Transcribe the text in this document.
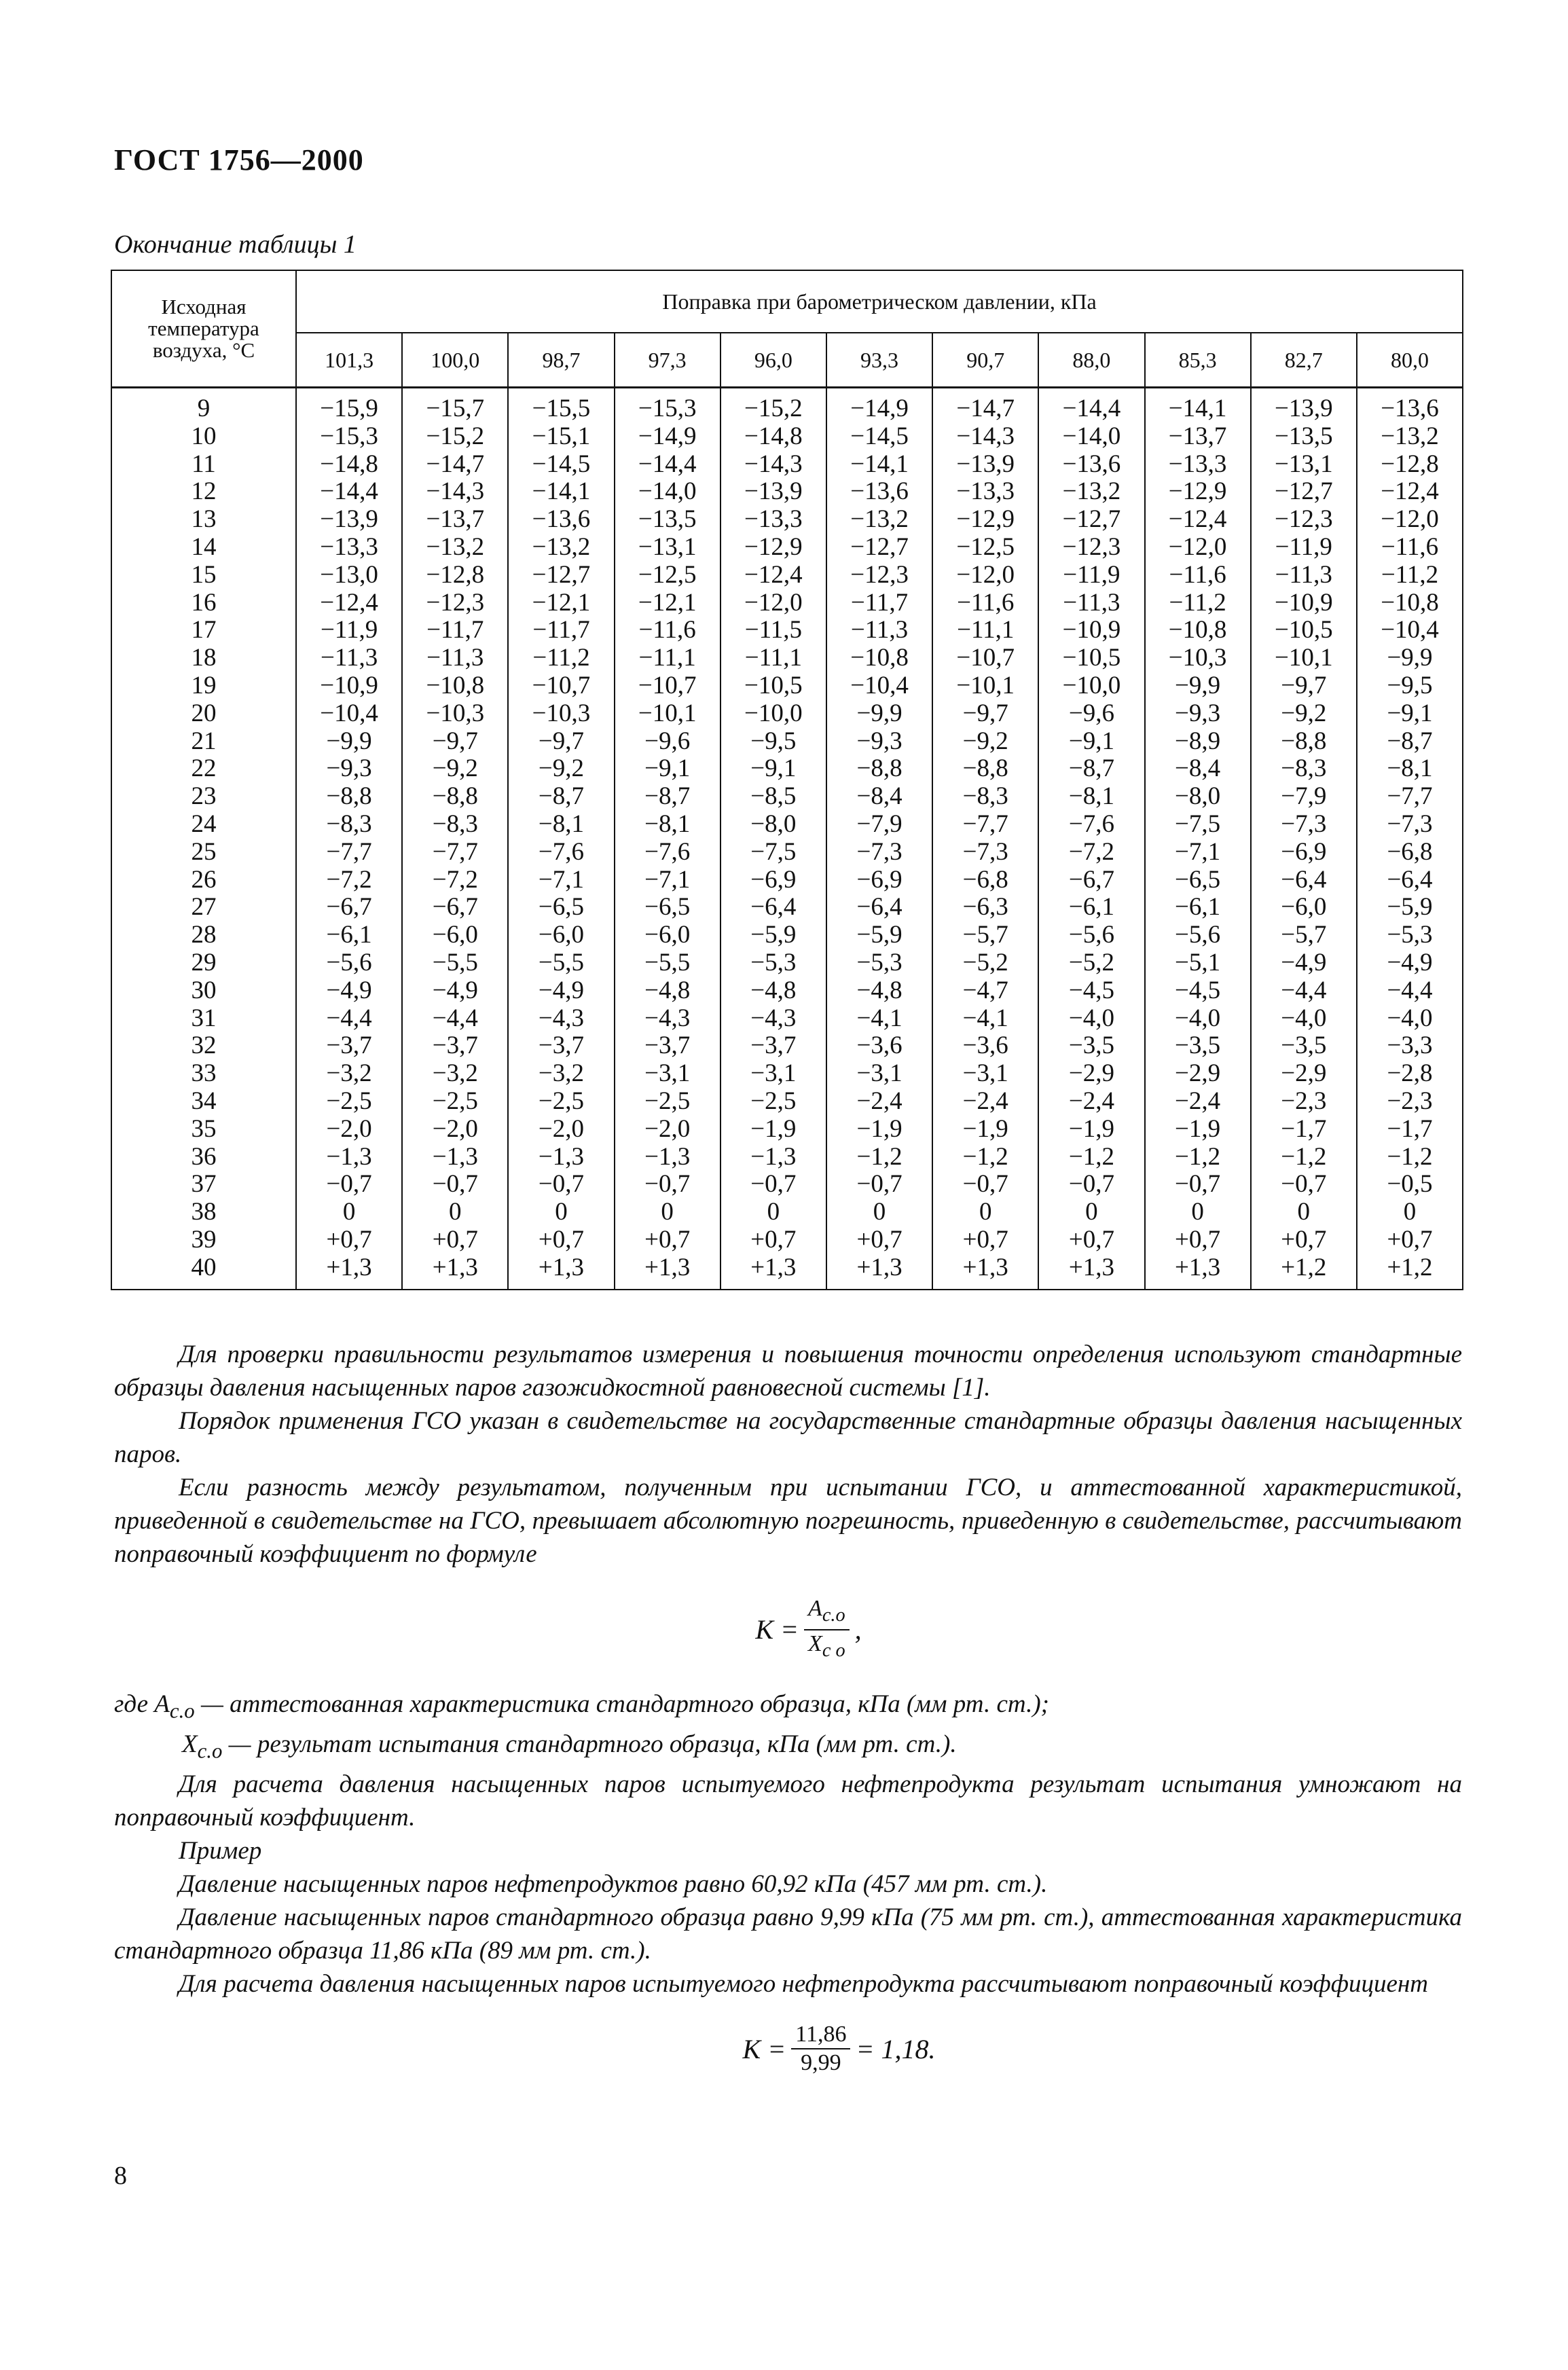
ГОСТ 1756—2000
Окончание таблицы 1
Исходная температура воздуха, °С	Поправка при барометрическом давлении, кПа										
	101,3	100,0	98,7	97,3	96,0	93,3	90,7	88,0	85,3	82,7	80,0
9	−15,9	−15,7	−15,5	−15,3	−15,2	−14,9	−14,7	−14,4	−14,1	−13,9	−13,6
10	−15,3	−15,2	−15,1	−14,9	−14,8	−14,5	−14,3	−14,0	−13,7	−13,5	−13,2
11	−14,8	−14,7	−14,5	−14,4	−14,3	−14,1	−13,9	−13,6	−13,3	−13,1	−12,8
12	−14,4	−14,3	−14,1	−14,0	−13,9	−13,6	−13,3	−13,2	−12,9	−12,7	−12,4
13	−13,9	−13,7	−13,6	−13,5	−13,3	−13,2	−12,9	−12,7	−12,4	−12,3	−12,0
14	−13,3	−13,2	−13,2	−13,1	−12,9	−12,7	−12,5	−12,3	−12,0	−11,9	−11,6
15	−13,0	−12,8	−12,7	−12,5	−12,4	−12,3	−12,0	−11,9	−11,6	−11,3	−11,2
16	−12,4	−12,3	−12,1	−12,1	−12,0	−11,7	−11,6	−11,3	−11,2	−10,9	−10,8
17	−11,9	−11,7	−11,7	−11,6	−11,5	−11,3	−11,1	−10,9	−10,8	−10,5	−10,4
18	−11,3	−11,3	−11,2	−11,1	−11,1	−10,8	−10,7	−10,5	−10,3	−10,1	−9,9
19	−10,9	−10,8	−10,7	−10,7	−10,5	−10,4	−10,1	−10,0	−9,9	−9,7	−9,5
20	−10,4	−10,3	−10,3	−10,1	−10,0	−9,9	−9,7	−9,6	−9,3	−9,2	−9,1
21	−9,9	−9,7	−9,7	−9,6	−9,5	−9,3	−9,2	−9,1	−8,9	−8,8	−8,7
22	−9,3	−9,2	−9,2	−9,1	−9,1	−8,8	−8,8	−8,7	−8,4	−8,3	−8,1
23	−8,8	−8,8	−8,7	−8,7	−8,5	−8,4	−8,3	−8,1	−8,0	−7,9	−7,7
24	−8,3	−8,3	−8,1	−8,1	−8,0	−7,9	−7,7	−7,6	−7,5	−7,3	−7,3
25	−7,7	−7,7	−7,6	−7,6	−7,5	−7,3	−7,3	−7,2	−7,1	−6,9	−6,8
26	−7,2	−7,2	−7,1	−7,1	−6,9	−6,9	−6,8	−6,7	−6,5	−6,4	−6,4
27	−6,7	−6,7	−6,5	−6,5	−6,4	−6,4	−6,3	−6,1	−6,1	−6,0	−5,9
28	−6,1	−6,0	−6,0	−6,0	−5,9	−5,9	−5,7	−5,6	−5,6	−5,7	−5,3
29	−5,6	−5,5	−5,5	−5,5	−5,3	−5,3	−5,2	−5,2	−5,1	−4,9	−4,9
30	−4,9	−4,9	−4,9	−4,8	−4,8	−4,8	−4,7	−4,5	−4,5	−4,4	−4,4
31	−4,4	−4,4	−4,3	−4,3	−4,3	−4,1	−4,1	−4,0	−4,0	−4,0	−4,0
32	−3,7	−3,7	−3,7	−3,7	−3,7	−3,6	−3,6	−3,5	−3,5	−3,5	−3,3
33	−3,2	−3,2	−3,2	−3,1	−3,1	−3,1	−3,1	−2,9	−2,9	−2,9	−2,8
34	−2,5	−2,5	−2,5	−2,5	−2,5	−2,4	−2,4	−2,4	−2,4	−2,3	−2,3
35	−2,0	−2,0	−2,0	−2,0	−1,9	−1,9	−1,9	−1,9	−1,9	−1,7	−1,7
36	−1,3	−1,3	−1,3	−1,3	−1,3	−1,2	−1,2	−1,2	−1,2	−1,2	−1,2
37	−0,7	−0,7	−0,7	−0,7	−0,7	−0,7	−0,7	−0,7	−0,7	−0,7	−0,5
38	0	0	0	0	0	0	0	0	0	0	0
39	+0,7	+0,7	+0,7	+0,7	+0,7	+0,7	+0,7	+0,7	+0,7	+0,7	+0,7
40	+1,3	+1,3	+1,3	+1,3	+1,3	+1,3	+1,3	+1,3	+1,3	+1,2	+1,2

Для проверки правильности результатов измерения и повышения точности определения используют стандартные образцы давления насыщенных паров газожидкостной равновесной системы [1].

Порядок применения ГСО указан в свидетельстве на государственные стандартные образцы давления насыщенных паров.

Если разность между результатом, полученным при испытании ГСО, и аттестованной характеристикой, приведенной в свидетельстве на ГСО, превышает абсолютную погрешность, приведенную в свидетельстве, рассчитывают поправочный коэффициент по формуле

$K = \frac{A_{с.о}}{X_{с о}}$ ,

где $A_{с.о}$ — аттестованная характеристика стандартного образца, кПа (мм рт. ст.);

$X_{с.о}$ — результат испытания стандартного образца, кПа (мм рт. ст.).

Для расчета давления насыщенных паров испытуемого нефтепродукта результат испытания умножают на поправочный коэффициент.

Пример

Давление насыщенных паров нефтепродуктов равно 60,92 кПа (457 мм рт. ст.).

Давление насыщенных паров стандартного образца равно 9,99 кПа (75 мм рт. ст.), аттестованная характеристика стандартного образца 11,86 кПа (89 мм рт. ст.).

Для расчета давления насыщенных паров испытуемого нефтепродукта рассчитывают поправочный коэффициент

$K = \frac{11,86}{9,99} = 1,18$.
8
